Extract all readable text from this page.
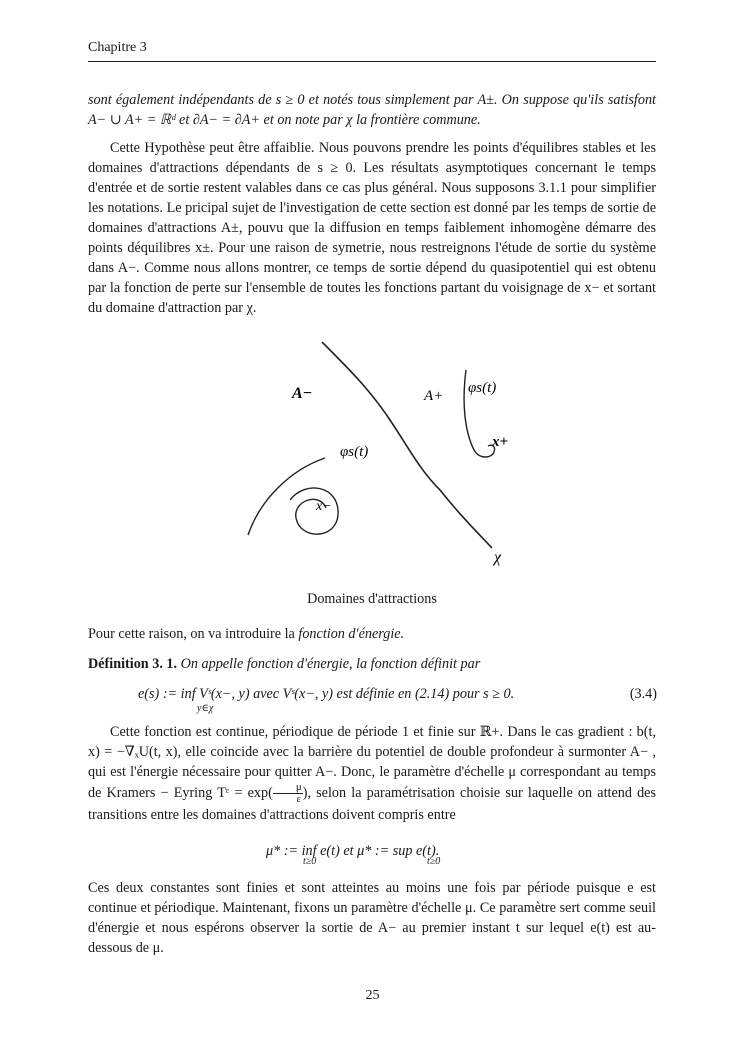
Chapitre 3
sont également indépendants de s ≥ 0 et notés tous simplement par A±. On suppose qu'ils satisfont A− ∪ A+ = ℝᵈ et ∂A− = ∂A+ et on note par χ la frontière commune.
Cette Hypothèse peut être affaiblie. Nous pouvons prendre les points d'équilibres stables et les domaines d'attractions dépendants de s ≥ 0. Les résultats asymptotiques concernant le temps d'entrée et de sortie restent valables dans ce cas plus général. Nous supposons 3.1.1 pour simplifier les notations. Le pricipal sujet de l'investigation de cette section est donné par les temps de sortie de domaines d'attractions A±, pouvu que la diffusion en temps faiblement inhomogène démarre des points déquilibres x±. Pour une raison de symetrie, nous restreignons l'étude de sortie du système dans A−. Comme nous allons montrer, ce temps de sortie dépend du quasipotentiel qui est obtenu par la fonction de perte sur l'ensemble de toutes les fonctions partant du voisignage de x− et sortant du domaine d'attraction par χ.
A−	A+ φs(t)
φs(t)
x+
x−
χ
Domaines d'attractions
Pour cette raison, on va introduire la fonction d'énergie.
Définition 3. 1. On appelle fonction d'énergie, la fonction définit par
e(s) := inf Vˢ(x−, y) avec Vˢ(x−, y) est définie en (2.14) pour s ≥ 0.
y∈χ
(3.4)
Cette fonction est continue, périodique de période 1 et finie sur ℝ+. Dans le cas gradient : b(t, x) = −∇ₓU(t, x), elle coincide avec la barrière du potentiel de double profondeur à surmonter A− , qui est l'énergie nécessaire pour quitter A−. Donc, le paramètre d'échelle μ correspondant au temps de Kramers − Eyring Tᵋ = $\exp( \frac{\mu}{\varepsilon}$ ), selon la paramétrisation choisie sur laquelle on attend des transitions entre les domaines d'attractions doivent compris entre
μ* := inf e(t) et μ* := sup e(t).
t≥0	t≥0
Ces deux constantes sont finies et sont atteintes au moins une fois par période puisque e est continue et périodique. Maintenant, fixons un paramètre d'échelle μ. Ce paramètre sert comme seuil d'énergie et nous espérons observer la sortie de A− au premier instant t sur lequel e(t) est au-dessous de μ.
25
